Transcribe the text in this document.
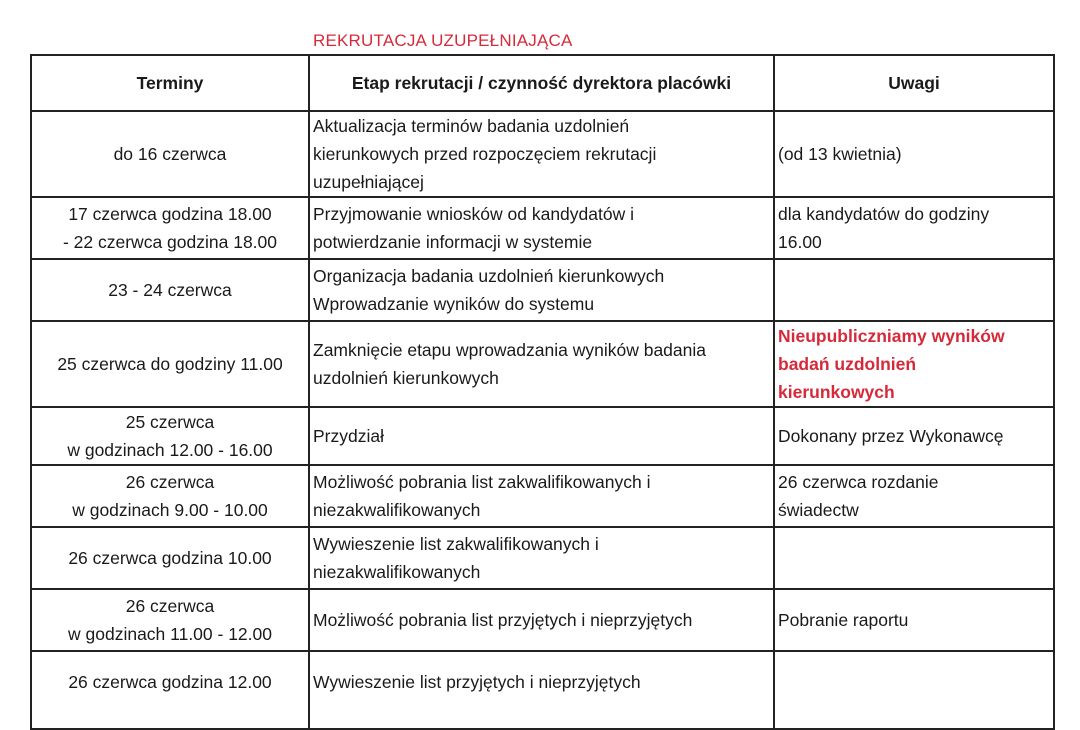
REKRUTACJA UZUPEŁNIAJĄCA
Terminy	Etap rekrutacji / czynność dyrektora placówki	Uwagi

do 16 czerwca	Aktualizacja terminów badania uzdolnień
kierunkowych przed rozpoczęciem rekrutacji
uzupełniającej	(od 13 kwietnia)

17 czerwca godzina 18.00
- 22 czerwca godzina 18.00	Przyjmowanie wniosków od kandydatów i
potwierdzanie informacji w systemie	dla kandydatów do godziny
16.00

23 - 24 czerwca	Organizacja badania uzdolnień kierunkowych
Wprowadzanie wyników do systemu	

25 czerwca do godziny 11.00	Zamknięcie etapu wprowadzania wyników badania
uzdolnień kierunkowych	Nieupubliczniamy wyników
badań uzdolnień
kierunkowych

25 czerwca
w godzinach 12.00 - 16.00	Przydział	Dokonany przez Wykonawcę

26 czerwca
w godzinach 9.00 - 10.00	Możliwość pobrania list zakwalifikowanych i
niezakwalifikowanych	26 czerwca rozdanie
świadectw

26 czerwca godzina 10.00	Wywieszenie list zakwalifikowanych i
niezakwalifikowanych	

26 czerwca
w godzinach 11.00 - 12.00	Możliwość pobrania list przyjętych i nieprzyjętych	Pobranie raportu

26 czerwca godzina 12.00	Wywieszenie list przyjętych i nieprzyjętych	
